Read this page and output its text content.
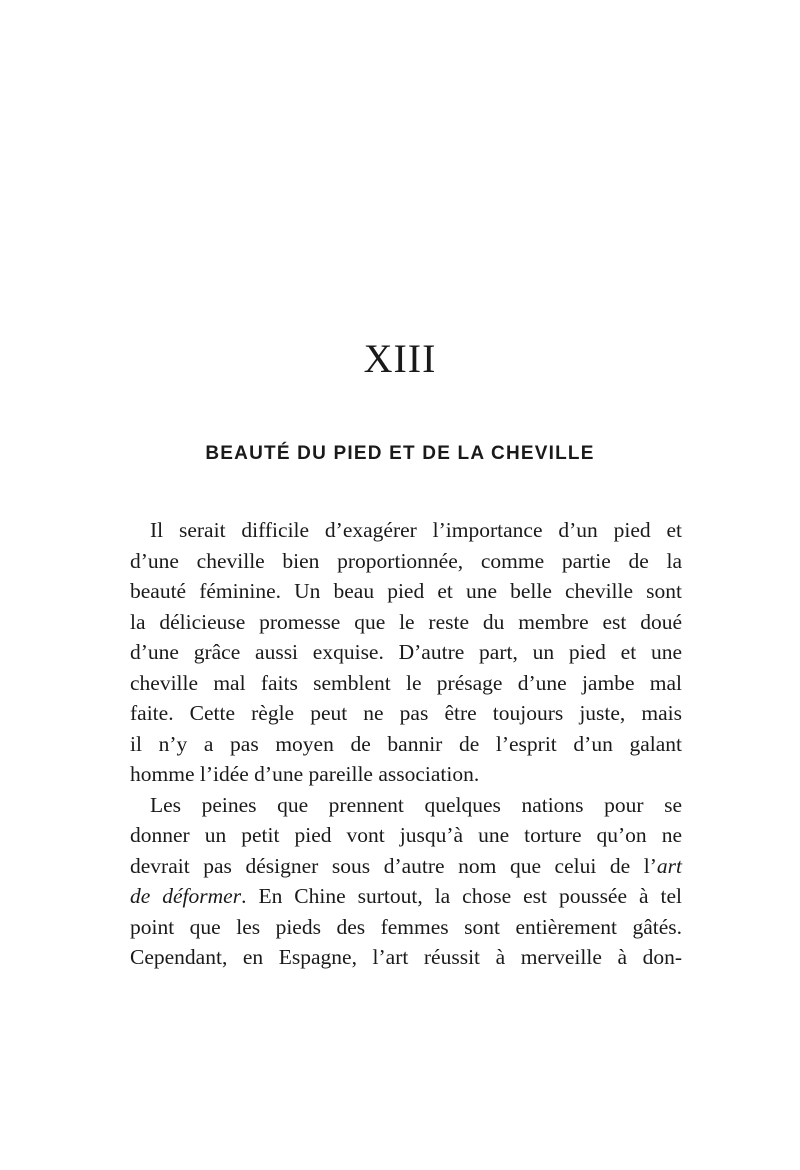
XIII
BEAUTÉ DU PIED ET DE LA CHEVILLE
Il serait difficile d’exagérer l’importance d’un pied et
d’une cheville bien proportionnée, comme partie de la
beauté féminine. Un beau pied et une belle cheville sont
la délicieuse promesse que le reste du membre est doué
d’une grâce aussi exquise. D’autre part, un pied et une
cheville mal faits semblent le présage d’une jambe mal
faite. Cette règle peut ne pas être toujours juste, mais
il n’y a pas moyen de bannir de l’esprit d’un galant
homme l’idée d’une pareille association.
Les peines que prennent quelques nations pour se
donner un petit pied vont jusqu’à une torture qu’on ne
devrait pas désigner sous d’autre nom que celui de l’art
de déformer. En Chine surtout, la chose est poussée à tel
point que les pieds des femmes sont entièrement gâtés.
Cependant, en Espagne, l’art réussit à merveille à don-
